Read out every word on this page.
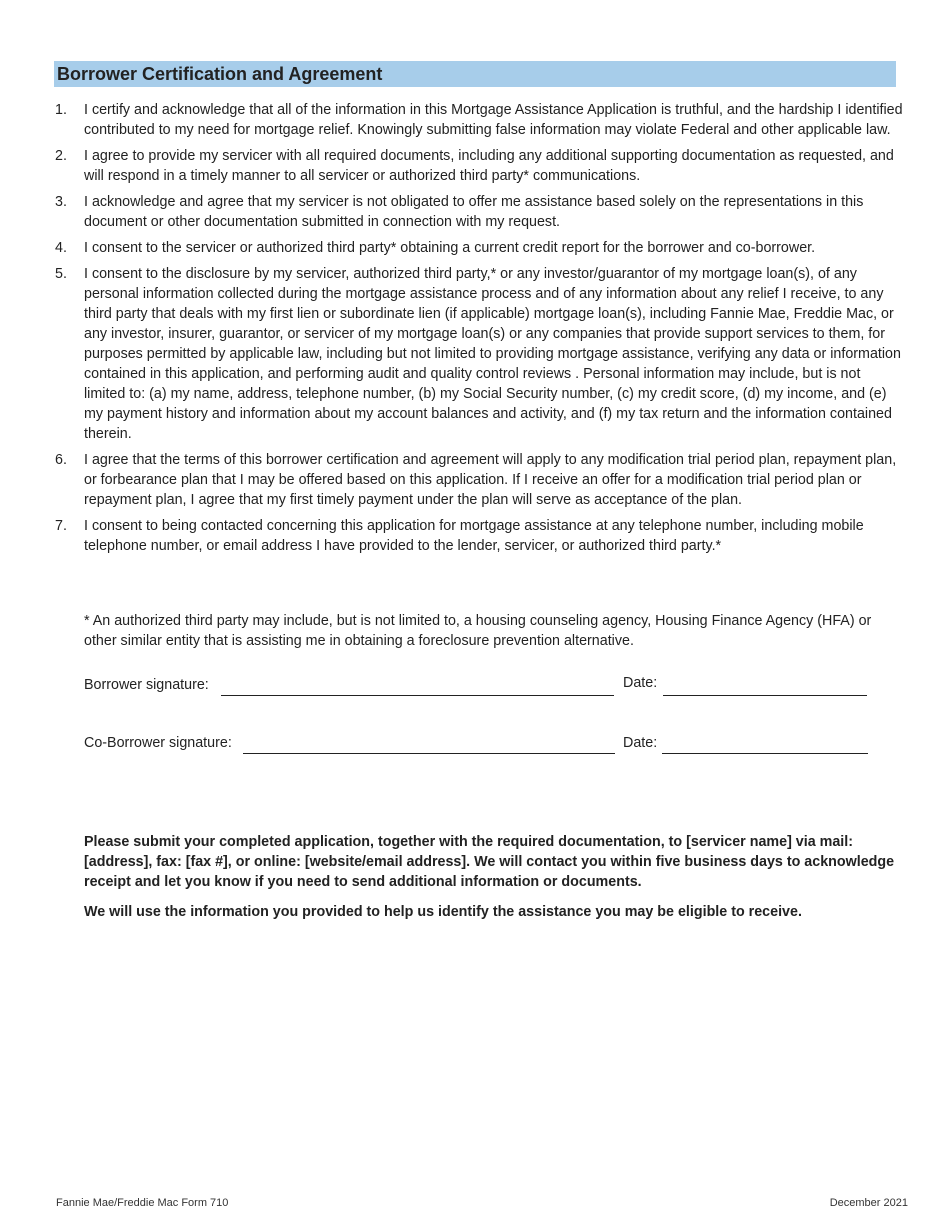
Borrower Certification and Agreement
1. I certify and acknowledge that all of the information in this Mortgage Assistance Application is truthful, and the hardship I identified contributed to my need for mortgage relief. Knowingly submitting false information may violate Federal and other applicable law.
2. I agree to provide my servicer with all required documents, including any additional supporting documentation as requested, and will respond in a timely manner to all servicer or authorized third party* communications.
3. I acknowledge and agree that my servicer is not obligated to offer me assistance based solely on the representations in this document or other documentation submitted in connection with my request.
4. I consent to the servicer or authorized third party* obtaining a current credit report for the borrower and co-borrower.
5. I consent to the disclosure by my servicer, authorized third party,* or any investor/guarantor of my mortgage loan(s), of any personal information collected during the mortgage assistance process and of any information about any relief I receive, to any third party that deals with my first lien or subordinate lien (if applicable) mortgage loan(s), including Fannie Mae, Freddie Mac, or any investor, insurer, guarantor, or servicer of my mortgage loan(s) or any companies that provide support services to them, for purposes permitted by applicable law, including but not limited to providing mortgage assistance, verifying any data or information contained in this application, and performing audit and quality control reviews . Personal information may include, but is not limited to: (a) my name, address, telephone number, (b) my Social Security number, (c) my credit score, (d) my income, and (e) my payment history and information about my account balances and activity, and (f) my tax return and the information contained therein.
6. I agree that the terms of this borrower certification and agreement will apply to any modification trial period plan, repayment plan, or forbearance plan that I may be offered based on this application. If I receive an offer for a modification trial period plan or repayment plan, I agree that my first timely payment under the plan will serve as acceptance of the plan.
7. I consent to being contacted concerning this application for mortgage assistance at any telephone number, including mobile telephone number, or email address I have provided to the lender, servicer, or authorized third party.*
* An authorized third party may include, but is not limited to, a housing counseling agency, Housing Finance Agency (HFA) or other similar entity that is assisting me in obtaining a foreclosure prevention alternative.
Borrower signature:	Date:
Co-Borrower signature:	Date:

Please submit your completed application, together with the required documentation, to [servicer name] via mail: [address], fax: [fax #], or online: [website/email address]. We will contact you within five business days to acknowledge receipt and let you know if you need to send additional information or documents.

We will use the information you provided to help us identify the assistance you may be eligible to receive.

Fannie Mae/Freddie Mac Form 710	December 2021
